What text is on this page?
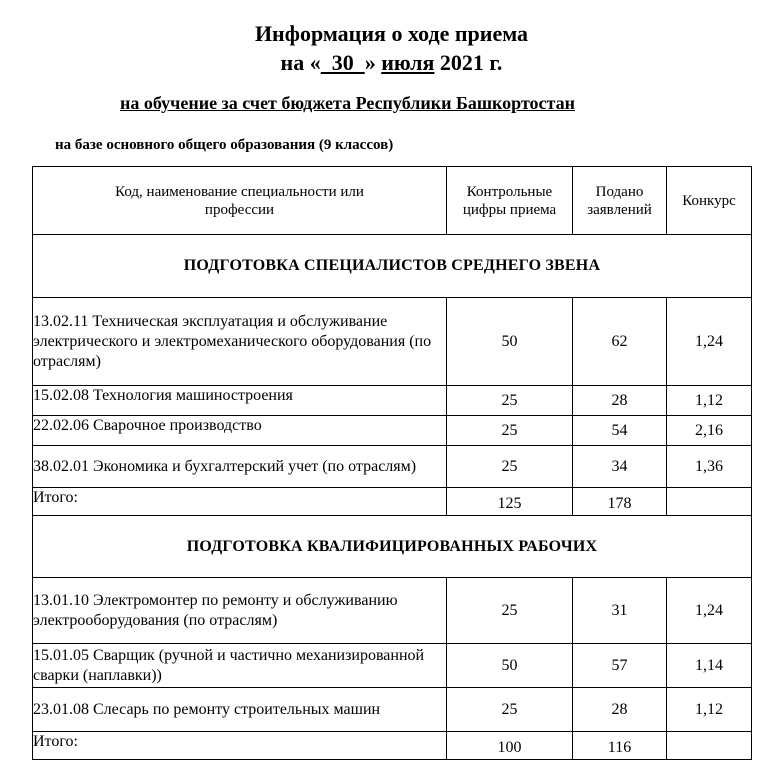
Информация о ходе приема
на «  30  » июля 2021 г.
на обучение за счет бюджета Республики Башкортостан
на базе основного общего образования (9 классов)
Код, наименование специальности или профессии	Контрольные цифры приема	Подано заявлений	Конкурс
ПОДГОТОВКА СПЕЦИАЛИСТОВ СРЕДНЕГО ЗВЕНА			
13.02.11 Техническая эксплуатация и обслуживание электрического и электромеханического оборудования (по отраслям)	50	62	1,24
15.02.08 Технология машиностроения	25	28	1,12
22.02.06 Сварочное производство	25	54	2,16
38.02.01 Экономика и бухгалтерский учет (по отраслям)	25	34	1,36
Итого:	125	178	
ПОДГОТОВКА КВАЛИФИЦИРОВАННЫХ РАБОЧИХ			
13.01.10 Электромонтер по ремонту и обслуживанию электрооборудования (по отраслям)	25	31	1,24
15.01.05 Сварщик (ручной и частично механизированной сварки (наплавки))	50	57	1,14
23.01.08 Слесарь по ремонту строительных машин	25	28	1,12
Итого:	100	116	
